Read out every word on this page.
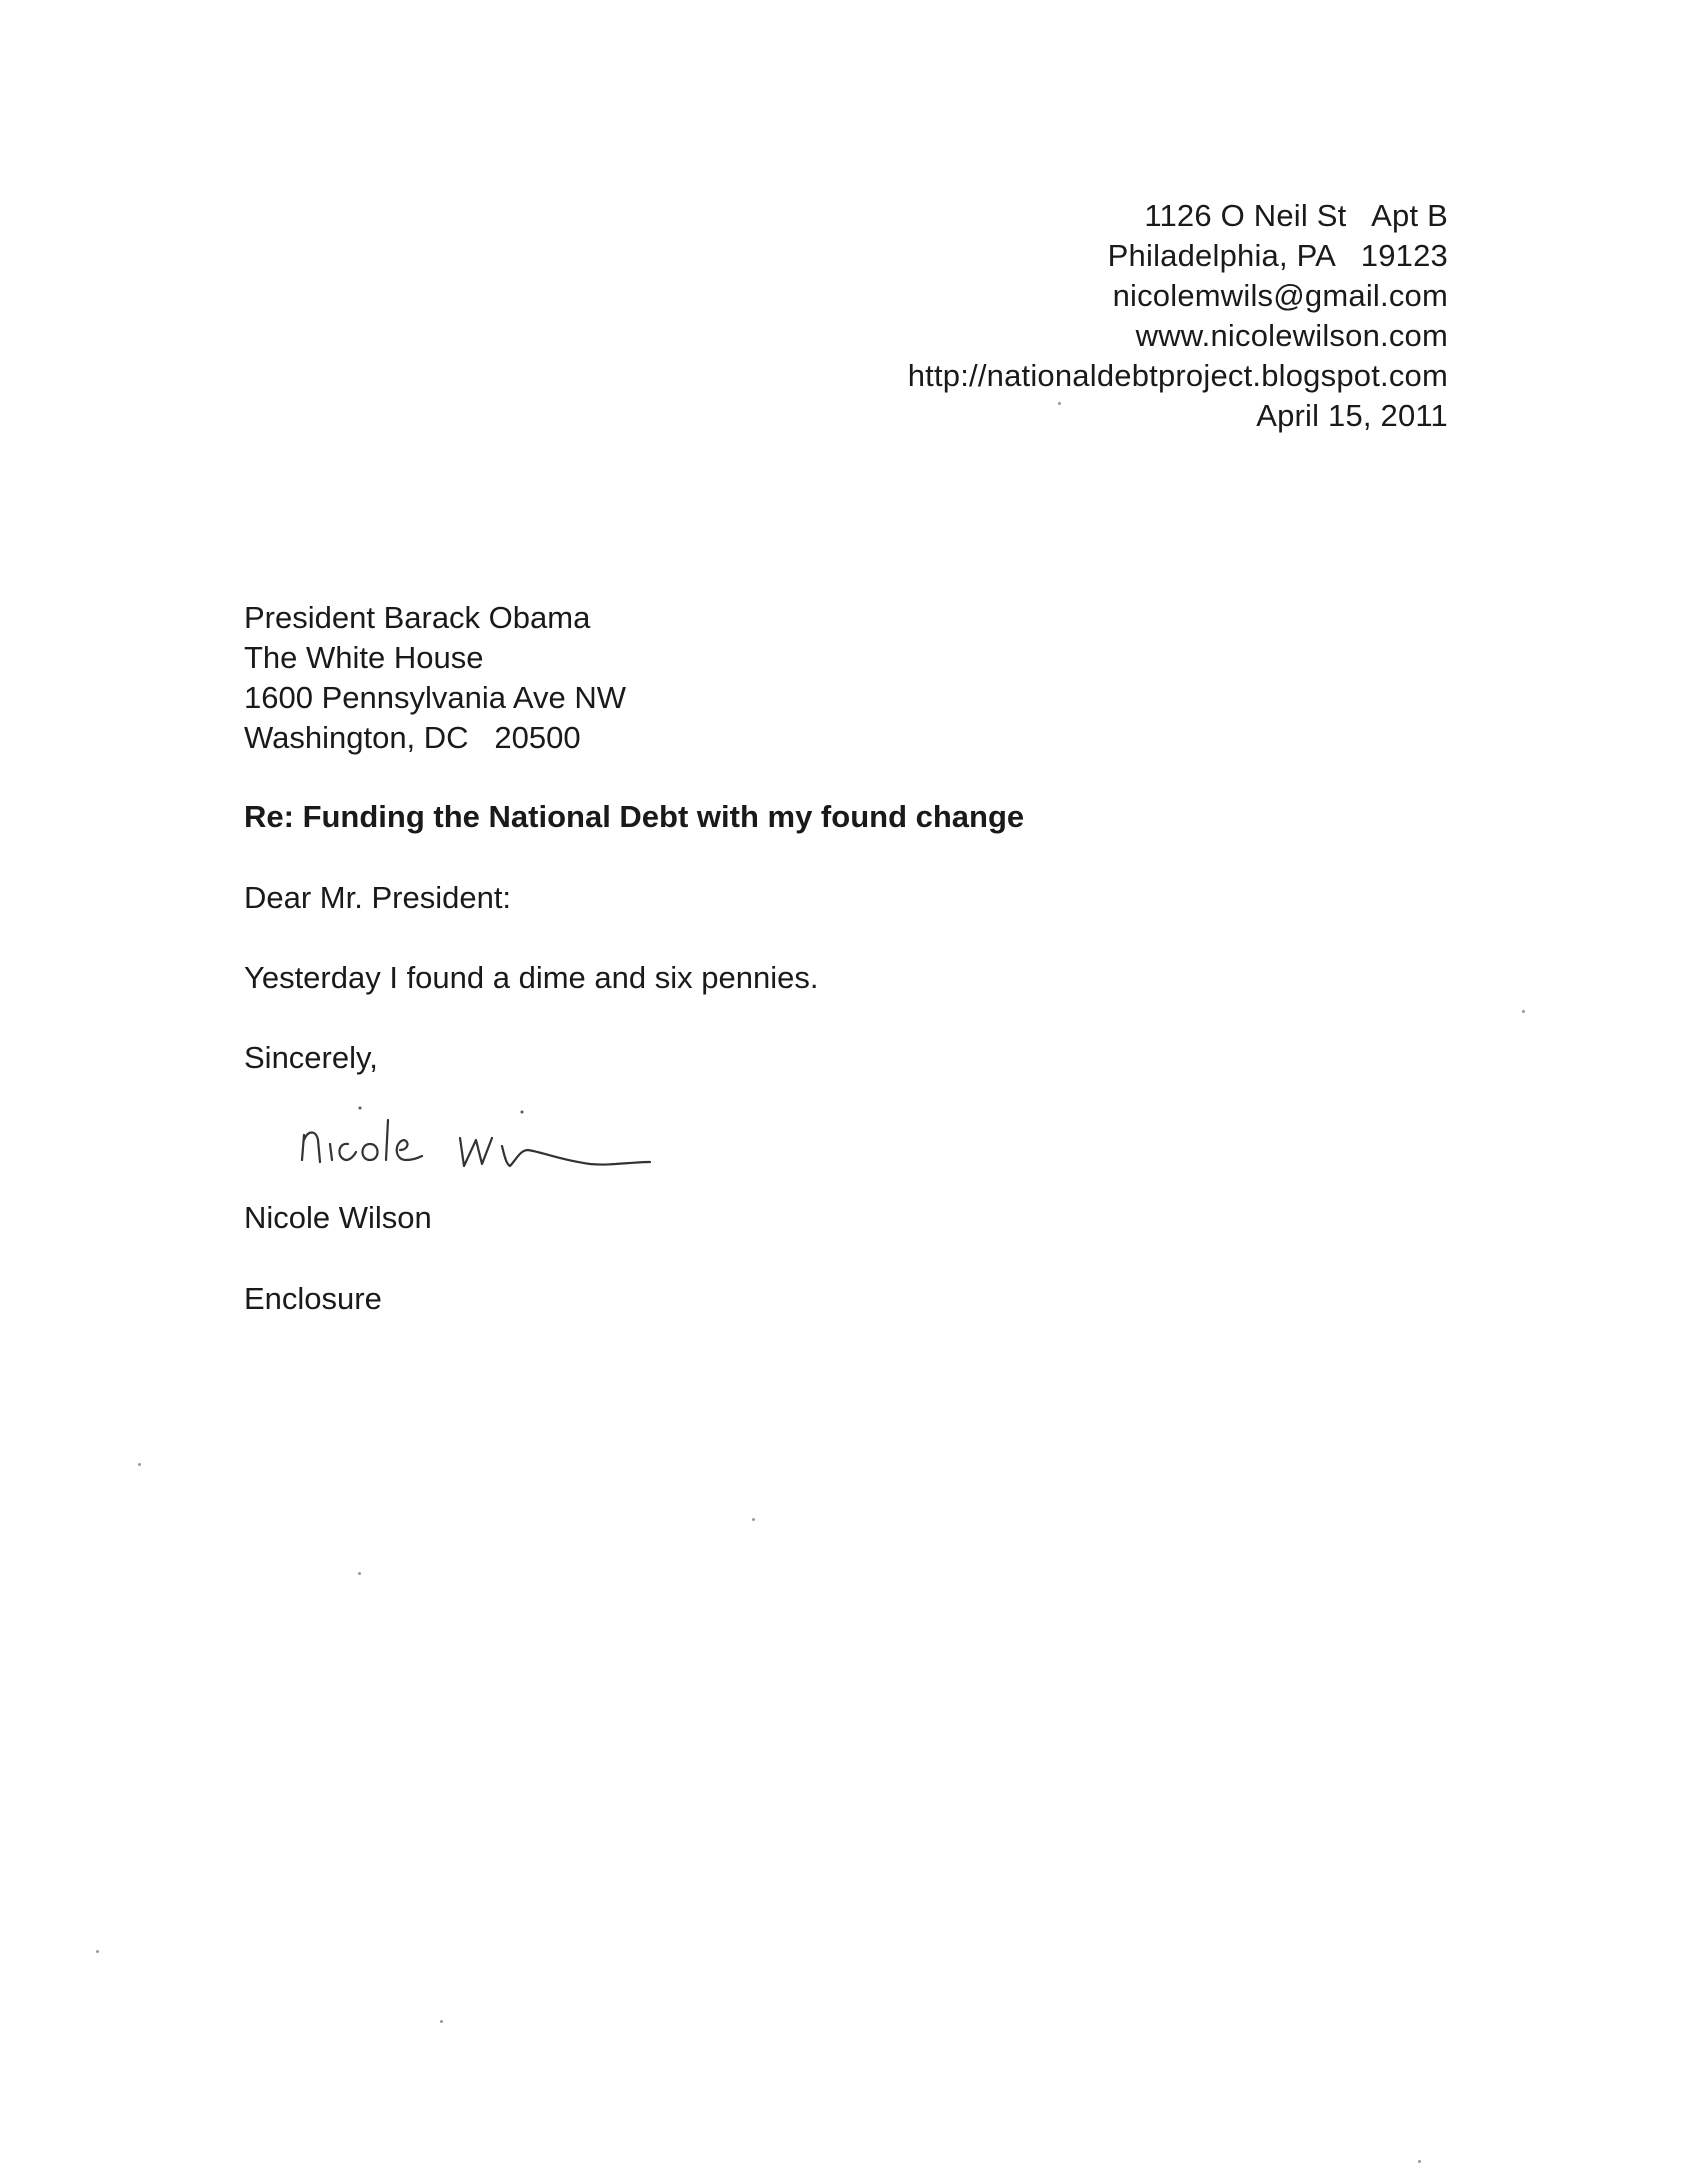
1126 O Neil St   Apt B
Philadelphia, PA   19123
nicolemwils@gmail.com
www.nicolewilson.com
http://nationaldebtproject.blogspot.com
April 15, 2011
President Barack Obama
The White House
1600 Pennsylvania Ave NW
Washington, DC   20500
Re: Funding the National Debt with my found change
Dear Mr. President:
Yesterday I found a dime and six pennies.
Sincerely,
Nicole Wilson
Enclosure
